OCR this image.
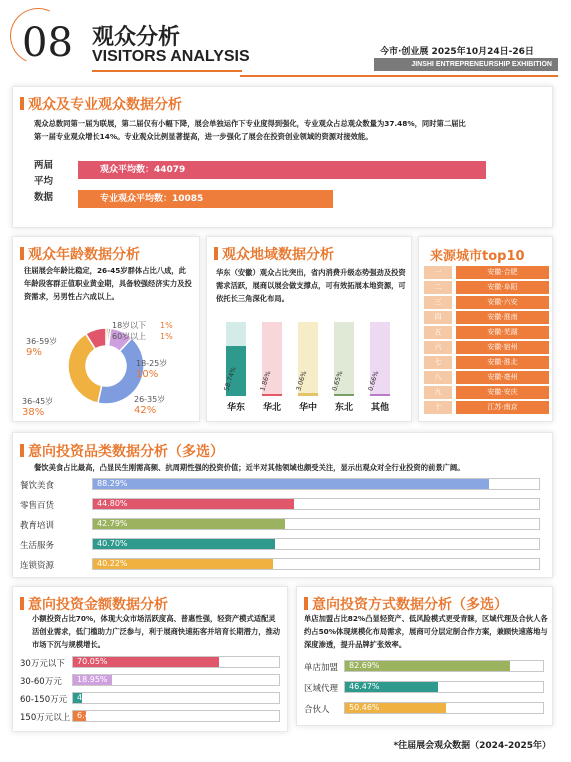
08 观众分析
VISITORS ANALYSIS	今市·创业展 2025年10月24日-26日
JINSHI ENTREPRENEURSHIP EXHIBITION
观众及专业观众数据分析
观众总数同第一届为联展，第二届仅有小幅下降，展会单独运作下专业度得到强化，专业观众占总观众数量为37.48%，同时第二届比
第一届专业观众增长14%。专业观众比例显著提高，进一步强化了展会在投资创业领域的资源对接效能。
两届
平均
数据
观众平均数：44079
专业观众平均数：10085
观众年龄数据分析
往届展会年龄比稳定，26-45岁群体占比八成，此年龄段客群正值职业黄金期，具备较强经济实力及投资需求，另男性占六成以上。
18岁以下 1%
60岁以上 1%
18-25岁
10%
26-35岁
42%
36-45岁
38%
36-59岁
9%
观众地域数据分析
华东（安徽）观众占比突出，省内消费升级态势强劲及投资需求活跃，展商以展会做支撑点，可有效拓展本地资源，可依托长三角深化布局。
58.74%	1.86%	3.06%	0.65%	0.66%
华东	华北	华中	东北	其他
来源城市top10
一	安徽·合肥
二	安徽·阜阳
三	安徽·六安
四	安徽·淮南
五	安徽·芜湖
六	安徽·宿州
七	安徽·淮北
八	安徽·亳州
九	安徽·安庆
十	江苏·南京
意向投资品类数据分析（多选）
餐饮美食占比最高，凸显民生刚需高频、抗周期性强的投资价值；近半对其他领域也颇受关注，显示出观众对全行业投资的前景广阔。
餐饮美食	88.29%
零售百货	44.80%
教育培训	42.79%
生活服务	40.70%
连锁资源	40.22%
意向投资金额数据分析
小额投资占比70%，体现大众市场活跃度高、普惠性强，轻资产模式适配灵活创业需求，低门槛助力广泛参与，利于展商快速拓客并培育长期潜力，推动市场下沉与规模增长。
30万元以下	70.05%
30-60万元	18.95%
60-150万元	4.55%
150万元以上 6.45%
意向投资方式数据分析（多选）
单店加盟占比82%凸显轻资产、低风险模式更受青睐，区域代理及合伙人各约占50%体现规模化布局需求，展商可分层定制合作方案，兼顾快速落地与深度渗透，提升品牌扩张效率。
单店加盟	82.69%
区域代理	46.47%
合伙人	50.46%
*往届展会观众数据（2024-2025年）
